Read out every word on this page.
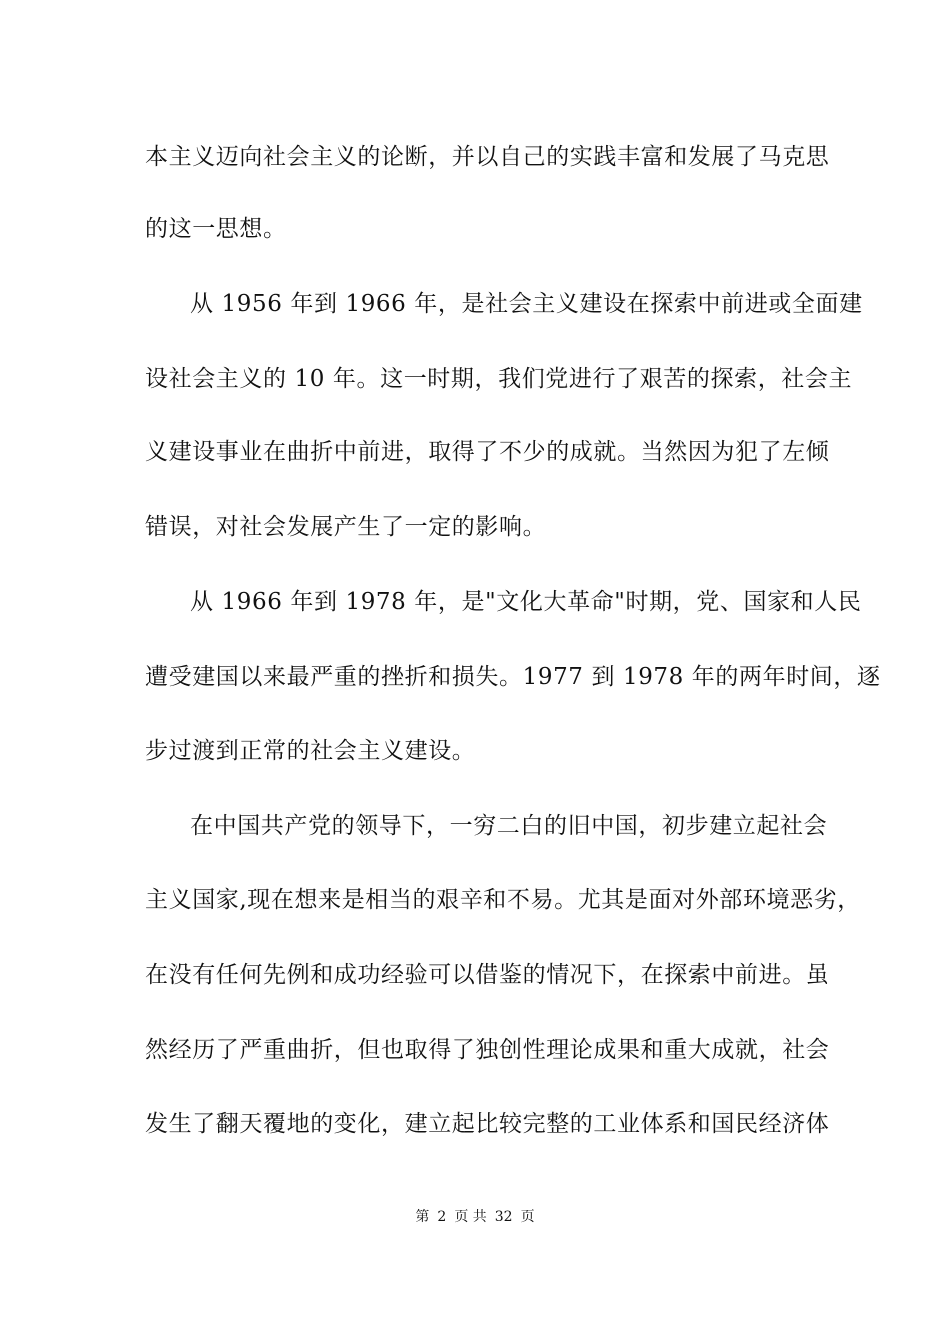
本主义迈向社会主义的论断，并以自己的实践丰富和发展了马克思
的这一思想。
从 1956 年到 1966 年，是社会主义建设在探索中前进或全面建
设社会主义的 10 年。这一时期，我们党进行了艰苦的探索，社会主
义建设事业在曲折中前进，取得了不少的成就。当然因为犯了左倾
错误，对社会发展产生了一定的影响。
从 1966 年到 1978 年，是"文化大革命"时期，党、国家和人民
遭受建国以来最严重的挫折和损失。1977 到 1978 年的两年时间，逐
步过渡到正常的社会主义建设。
在中国共产党的领导下，一穷二白的旧中国，初步建立起社会
主义国家,现在想来是相当的艰辛和不易。尤其是面对外部环境恶劣，
在没有任何先例和成功经验可以借鉴的情况下，在探索中前进。虽
然经历了严重曲折，但也取得了独创性理论成果和重大成就，社会
发生了翻天覆地的变化，建立起比较完整的工业体系和国民经济体
第 2 页 共 32 页
